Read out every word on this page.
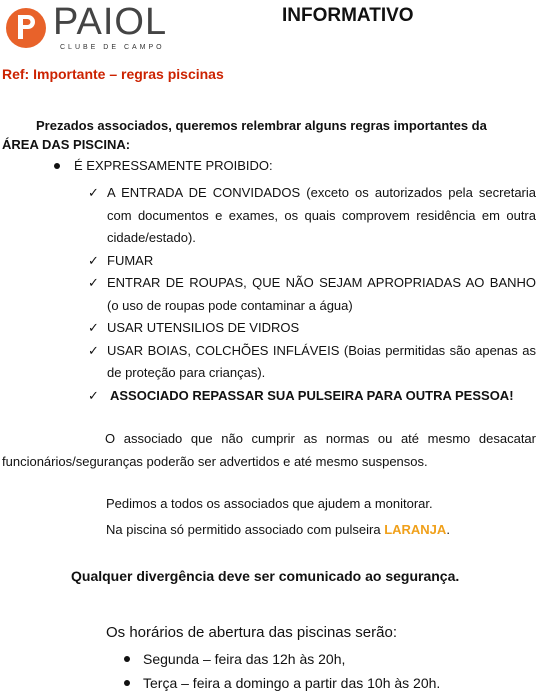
PAIOL
CLUBE DE CAMPO
INFORMATIVO
Ref: Importante – regras piscinas
Prezados associados, queremos relembrar alguns regras importantes da
ÁREA DAS PISCINA:
É EXPRESSAMENTE PROIBIDO:
✓ A ENTRADA DE CONVIDADOS (exceto os autorizados pela secretaria com documentos e exames, os quais comprovem residência em outra cidade/estado).
✓ FUMAR
✓ ENTRAR DE ROUPAS, QUE NÃO SEJAM APROPRIADAS AO BANHO (o uso de roupas pode contaminar a água)
✓ USAR UTENSILIOS DE VIDROS
✓ USAR BOIAS, COLCHÕES INFLÁVEIS (Boias permitidas são apenas as de proteção para crianças).
✓ ASSOCIADO REPASSAR SUA PULSEIRA PARA OUTRA PESSOA!
O associado que não cumprir as normas ou até mesmo desacatar funcionários/seguranças poderão ser advertidos e até mesmo suspensos.
Pedimos a todos os associados que ajudem a monitorar.
Na piscina só permitido associado com pulseira LARANJA.
Qualquer divergência deve ser comunicado ao segurança.
Os horários de abertura das piscinas serão:
Segunda – feira das 12h às 20h,
Terça – feira a domingo a partir das 10h às 20h.
